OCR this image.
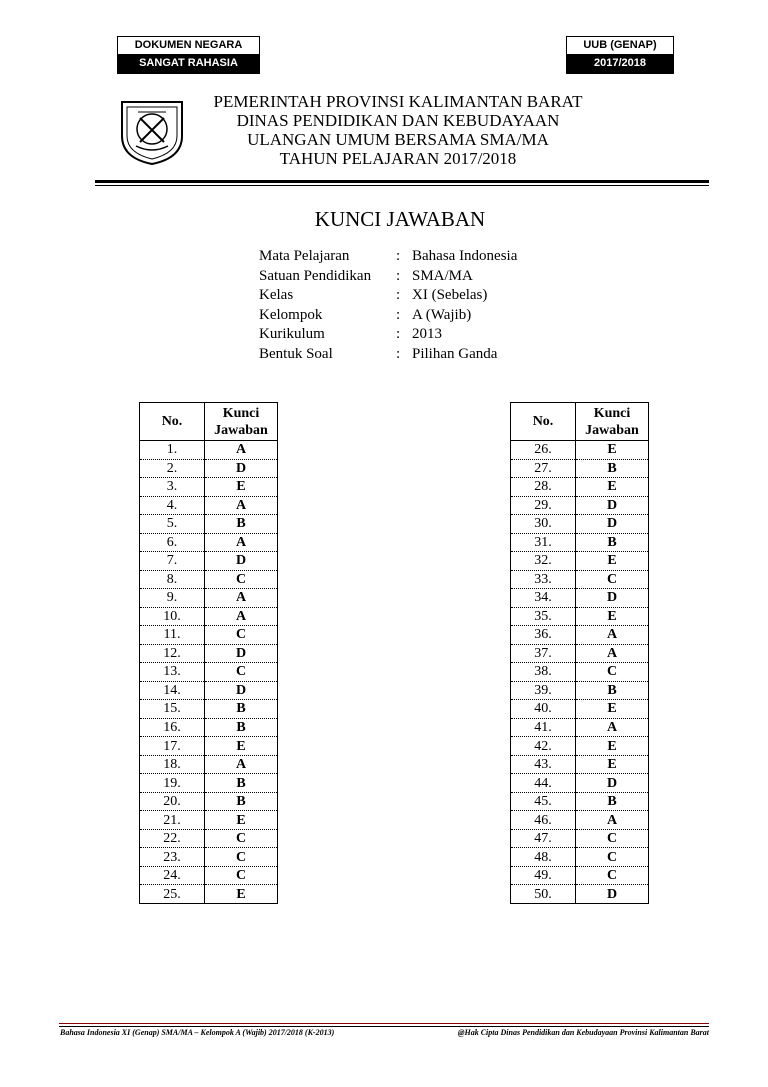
DOKUMEN NEGARA
SANGAT RAHASIA
UUB (GENAP)
2017/2018
PEMERINTAH PROVINSI KALIMANTAN BARAT
DINAS PENDIDIKAN DAN KEBUDAYAAN
ULANGAN UMUM BERSAMA SMA/MA
TAHUN PELAJARAN 2017/2018
KUNCI JAWABAN
Mata Pelajaran	: Bahasa Indonesia
Satuan Pendidikan	: SMA/MA
Kelas	: XI (Sebelas)
Kelompok	: A (Wajib)
Kurikulum	: 2013
Bentuk Soal	: Pilihan Ganda
No.	Kunci
Jawaban

1.	A
2.	D
3.	E
4.	A
5.	B
6.	A
7.	D
8.	C
9.	A
10.	A
11.	C
12.	D
13.	C
14.	D
15.	B
16.	B
17.	E
18.	A
19.	B
20.	B
21.	E
22.	C
23.	C
24.	C
25.	E
No.	Kunci
Jawaban

26.	E
27.	B
28.	E
29.	D
30.	D
31.	B
32.	E
33.	C
34.	D
35.	E
36.	A
37.	A
38.	C
39.	B
40.	E
41.	A
42.	E
43.	E
44.	D
45.	B
46.	A
47.	C
48.	C
49.	C
50.	D
Bahasa Indonesia XI (Genap) SMA/MA – Kelompok A (Wajib) 2017/2018 (K-2013)	@Hak Cipta Dinas Pendidikan dan Kebudayaan Provinsi Kalimantan Barat
